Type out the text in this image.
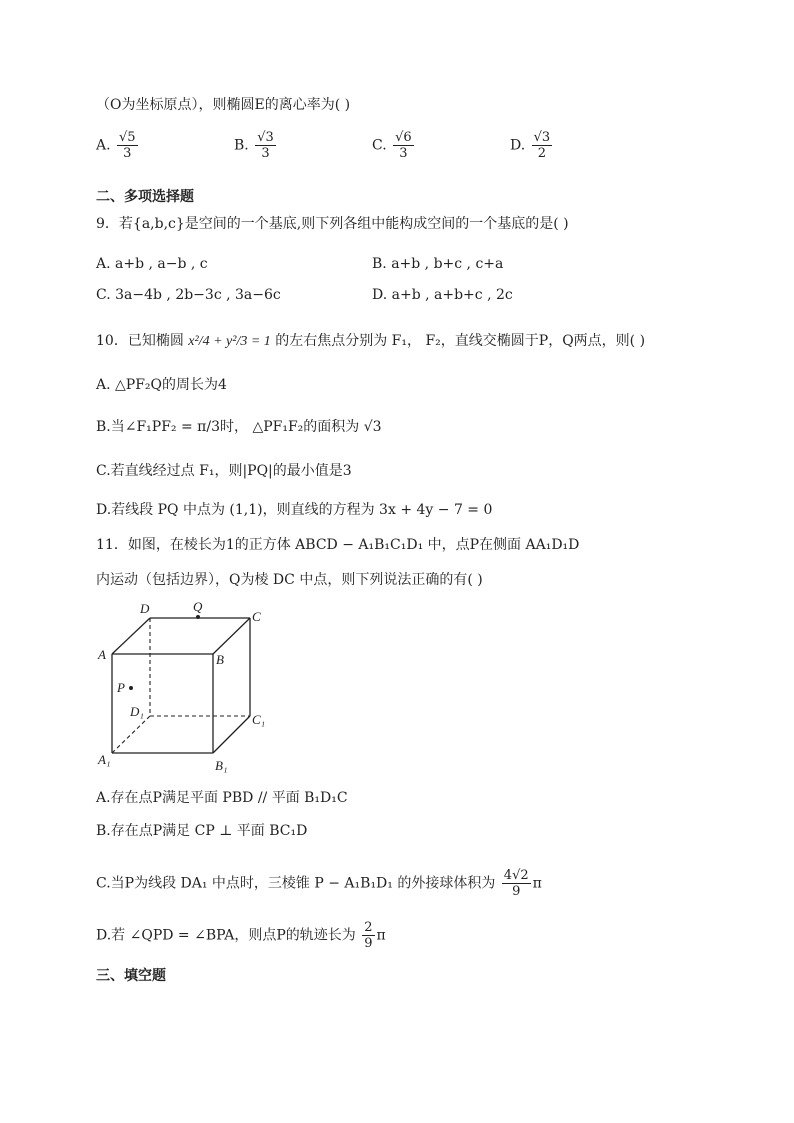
（O为坐标原点），则椭圆E的离心率为( )
A. $\frac{√5}{3}$	B. $\frac{√3}{3}$	C. $\frac{√6}{3}$	D. $\frac{√3}{2}$
二、多项选择题
9．若{a,b,c}是空间的一个基底,则下列各组中能构成空间的一个基底的是( )
A. a+b , a−b , c	B. a+b , b+c , c+a
C. 3a−4b , 2b−3c , 3a−6c	D. a+b , a+b+c , 2c
10．已知椭圆 x²/4 + y²/3 = 1 的左右焦点分别为 F₁， F₂，直线交椭圆于P，Q两点，则( )
A. △PF₂Q的周长为4
B.当∠F₁PF₂ = π/3时， △PF₁F₂的面积为 √3
C.若直线经过点 F₁，则|PQ|的最小值是3
D.若线段 PQ 中点为 (1,1)，则直线的方程为 3x + 4y − 7 = 0
11．如图，在棱长为1的正方体 ABCD − A₁B₁C₁D₁ 中，点P在侧面 AA₁D₁D
内运动（包括边界），Q为棱 DC 中点，则下列说法正确的有( )
D	Q
C
A	B
P
D₁
C₁
A₁	B₁
A.存在点P满足平面 PBD // 平面 B₁D₁C
B.存在点P满足 CP ⊥ 平面 BC₁D
C.当P为线段 DA₁ 中点时，三棱锥 P − A₁B₁D₁ 的外接球体积为 $\frac{4√2}{9}$ π
D.若 ∠QPD = ∠BPA，则点P的轨迹长为 $\frac{2}{9}$ π
三、填空题
